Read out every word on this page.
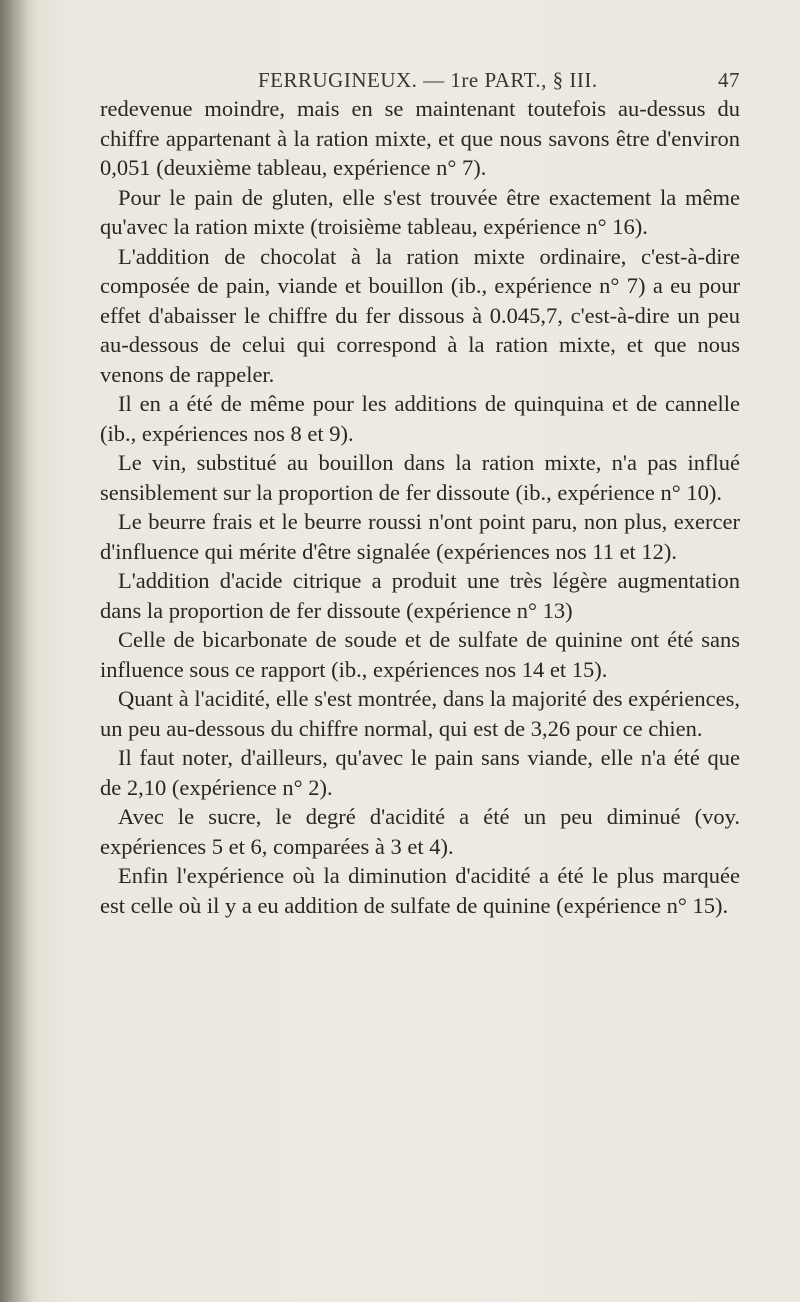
FERRUGINEUX. — 1re PART., § III.	47

redevenue moindre, mais en se maintenant toutefois au-dessus du chiffre appartenant à la ration mixte, et que nous savons être d'environ 0,051 (deuxième tableau, expérience n° 7).

Pour le pain de gluten, elle s'est trouvée être exactement la même qu'avec la ration mixte (troisième tableau, expérience n° 16).

L'addition de chocolat à la ration mixte ordinaire, c'est-à-dire composée de pain, viande et bouillon (ib., expérience n° 7) a eu pour effet d'abaisser le chiffre du fer dissous à 0.045,7, c'est-à-dire un peu au-dessous de celui qui correspond à la ration mixte, et que nous venons de rappeler.

Il en a été de même pour les additions de quinquina et de cannelle (ib., expériences nos 8 et 9).

Le vin, substitué au bouillon dans la ration mixte, n'a pas influé sensiblement sur la proportion de fer dissoute (ib., expérience n° 10).

Le beurre frais et le beurre roussi n'ont point paru, non plus, exercer d'influence qui mérite d'être signalée (expériences nos 11 et 12).

L'addition d'acide citrique a produit une très légère augmentation dans la proportion de fer dissoute (expérience n° 13)

Celle de bicarbonate de soude et de sulfate de quinine ont été sans influence sous ce rapport (ib., expériences nos 14 et 15).

Quant à l'acidité, elle s'est montrée, dans la majorité des expériences, un peu au-dessous du chiffre normal, qui est de 3,26 pour ce chien.

Il faut noter, d'ailleurs, qu'avec le pain sans viande, elle n'a été que de 2,10 (expérience n° 2).

Avec le sucre, le degré d'acidité a été un peu diminué (voy. expériences 5 et 6, comparées à 3 et 4).

Enfin l'expérience où la diminution d'acidité a été le plus marquée est celle où il y a eu addition de sulfate de quinine (expérience n° 15).
